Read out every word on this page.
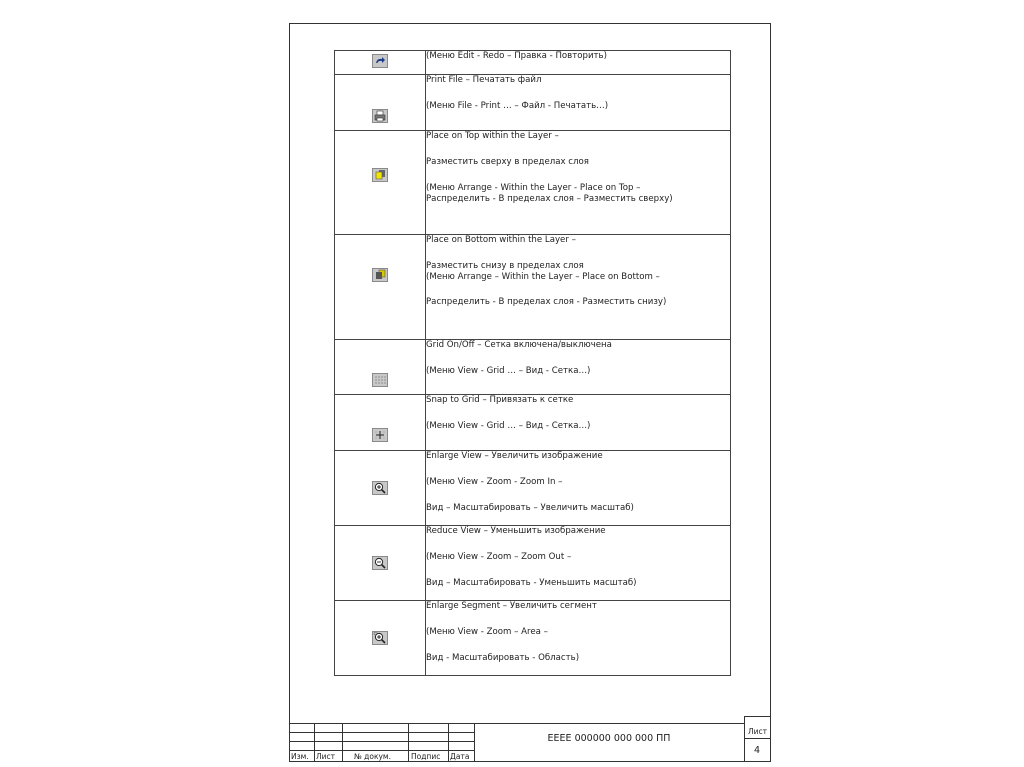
(Меню Edit - Redo – Правка - Повторить)

Print File – Печатать файл
(Меню File - Print … – Файл - Печатать…)

Place on Top within the Layer –
Разместить сверху в пределах слоя
(Меню Arrange - Within the Layer - Place on Top –
Распределить - В пределах слоя – Разместить сверху)

Place on Bottom within the Layer –
Разместить снизу в пределах слоя
(Меню Arrange – Within the Layer – Place on Bottom –
Распределить - В пределах слоя - Разместить снизу)

Grid On/Off – Сетка включена/выключена
(Меню View - Grid … – Вид - Сетка…)

Snap to Grid – Привязать к сетке
(Меню View - Grid … – Вид - Сетка…)

Enlarge View – Увеличить изображение
(Меню View - Zoom - Zoom In –
Вид – Масштабировать – Увеличить масштаб)

Reduce View – Уменьшить изображение
(Меню View - Zoom – Zoom Out –
Вид – Масштабировать - Уменьшить масштаб)

Enlarge Segment – Увеличить сегмент
(Меню View - Zoom – Area –
Вид - Масштабировать - Область)
Изм. Лист	№ докум.	Подпис Дата
ЕЕЕЕ 000000 000 000 ПП
Лист
4
